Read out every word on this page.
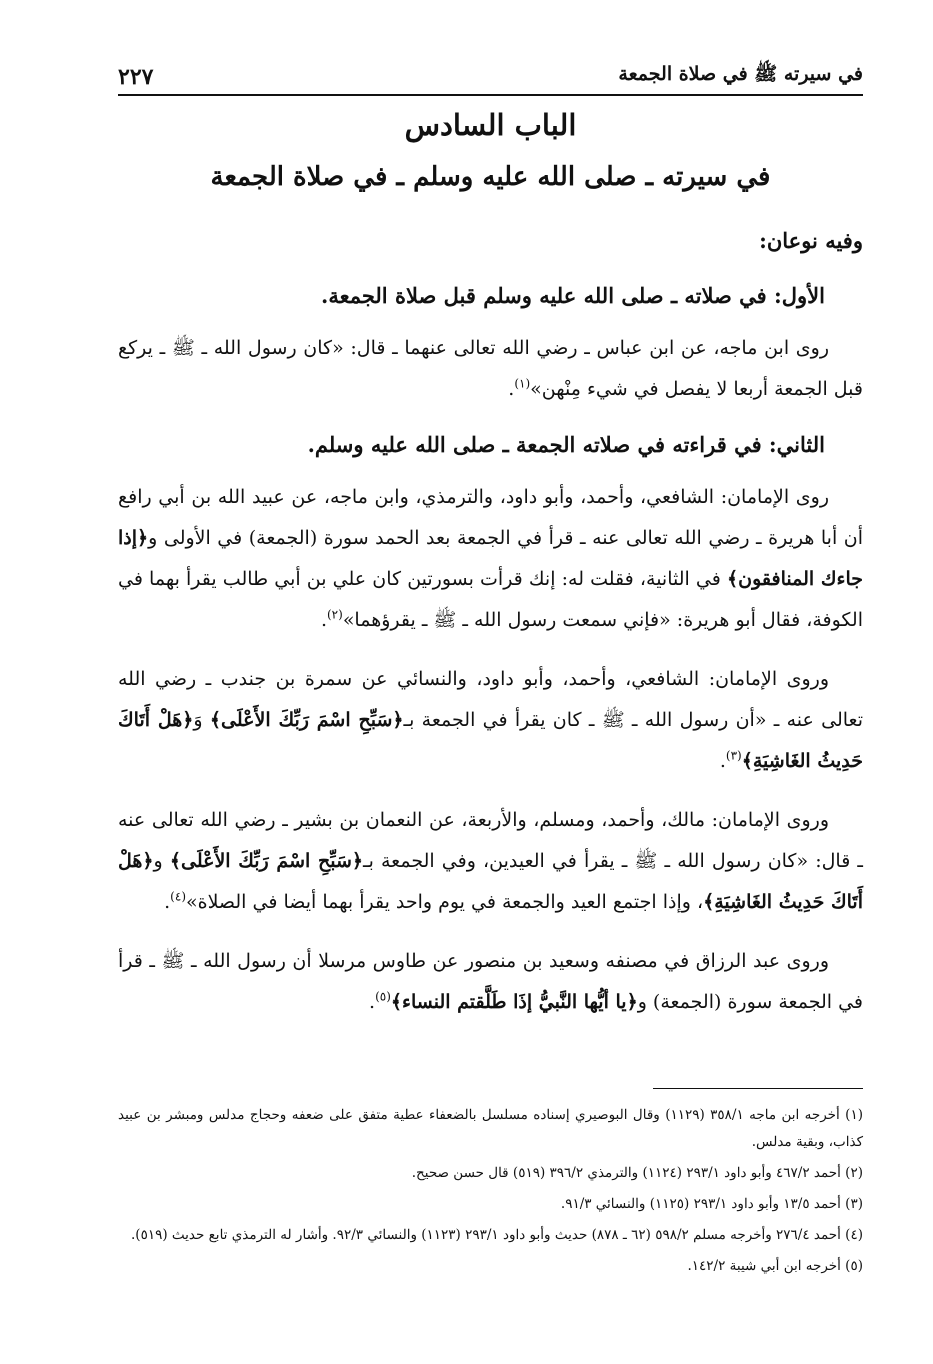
في سيرته ﷺ في صلاة الجمعة
٢٢٧
الباب السادس
في سيرته ـ صلى الله عليه وسلم ـ في صلاة الجمعة

وفيه نوعان:

الأول: في صلاته ـ صلى الله عليه وسلم قبل صلاة الجمعة.

روى ابن ماجه، عن ابن عباس ـ رضي الله تعالى عنهما ـ قال: «كان رسول الله ـ ﷺ ـ يركع قبل الجمعة أربعا لا يفصل في شيء مِنْهن»$^{(١)}$.

الثاني: في قراءته في صلاته الجمعة ـ صلى الله عليه وسلم.

روى الإمامان: الشافعي، وأحمد، وأبو داود، والترمذي، وابن ماجه، عن عبيد الله بن أبي رافع أن أبا هريرة ـ رضي الله تعالى عنه ـ قرأ في الجمعة بعد الحمد سورة (الجمعة) في الأولى و﴿إذا جاءك المنافقون﴾ في الثانية، فقلت له: إنك قرأت بسورتين كان علي بن أبي طالب يقرأ بهما في الكوفة، فقال أبو هريرة: «فإني سمعت رسول الله ـ ﷺ ـ يقرؤهما»$^{(٢)}$.

وروى الإمامان: الشافعي، وأحمد، وأبو داود، والنسائي عن سمرة بن جندب ـ رضي الله تعالى عنه ـ «أن رسول الله ـ ﷺ ـ كان يقرأ في الجمعة بـ﴿سَبِّحِ اسْمَ رَبِّكَ الأَعْلَى﴾ وَ﴿هَلْ أَتَاكَ حَدِيثُ الغَاشِيَةِ﴾$^{(٣)}$.

وروى الإمامان: مالك، وأحمد، ومسلم، والأربعة، عن النعمان بن بشير ـ رضي الله تعالى عنه ـ قال: «كان رسول الله ـ ﷺ ـ يقرأ في العيدين، وفي الجمعة بـ﴿سَبِّحِ اسْمَ رَبِّكَ الأَعْلَى﴾ و﴿هَلْ أَتَاكَ حَدِيثُ الغَاشِيَةِ﴾، وإذا اجتمع العيد والجمعة في يوم واحد يقرأ بهما أيضا في الصلاة»$^{(٤)}$.

وروى عبد الرزاق في مصنفه وسعيد بن منصور عن طاوس مرسلا أن رسول الله ـ ﷺ ـ قرأ في الجمعة سورة (الجمعة) و﴿يا أيُّها النَّبيُّ إذَا طَلَّقتم النساء﴾$^{(٥)}$.

(١) أخرجه ابن ماجه ٣٥٨/١ (١١٢٩) وقال البوصيري إسناده مسلسل بالضعفاء عطية متفق على ضعفه وحجاج مدلس ومبشر بن عبيد كذاب، وبقية مدلس.

(٢) أحمد ٤٦٧/٢ وأبو داود ٢٩٣/١ (١١٢٤) والترمذي ٣٩٦/٢ (٥١٩) قال حسن صحيح.

(٣) أحمد ١٣/٥ وأبو داود ٢٩٣/١ (١١٢٥) والنسائي ٩١/٣.

(٤) أحمد ٢٧٦/٤ وأخرجه مسلم ٥٩٨/٢ (٦٢ ـ ٨٧٨) حديث وأبو داود ٢٩٣/١ (١١٢٣) والنسائي ٩٢/٣. وأشار له الترمذي تابع حديث (٥١٩).

(٥) أخرجه ابن أبي شيبة ١٤٢/٢.
